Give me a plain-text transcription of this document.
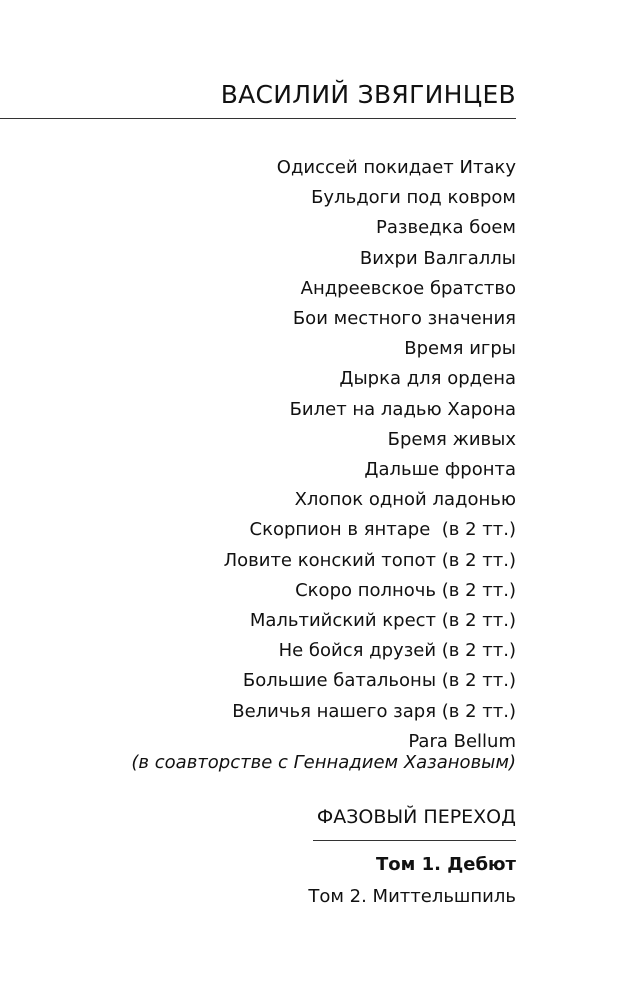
ВАСИЛИЙ ЗВЯГИНЦЕВ
Одиссей покидает Итаку
Бульдоги под ковром
Разведка боем
Вихри Валгаллы
Андреевское братство
Бои местного значения
Время игры
Дырка для ордена
Билет на ладью Харона
Бремя живых
Дальше фронта
Хлопок одной ладонью
Скорпион в янтаре  (в 2 тт.)
Ловите конский топот (в 2 тт.)
Скоро полночь (в 2 тт.)
Мальтийский крест (в 2 тт.)
Не бойся друзей (в 2 тт.)
Большие батальоны (в 2 тт.)
Величья нашего заря (в 2 тт.)
Para Bellum
(в соавторстве с Геннадием Хазановым)
ФАЗОВЫЙ ПЕРЕХОД
Том 1. Дебют
Том 2. Миттельшпиль
